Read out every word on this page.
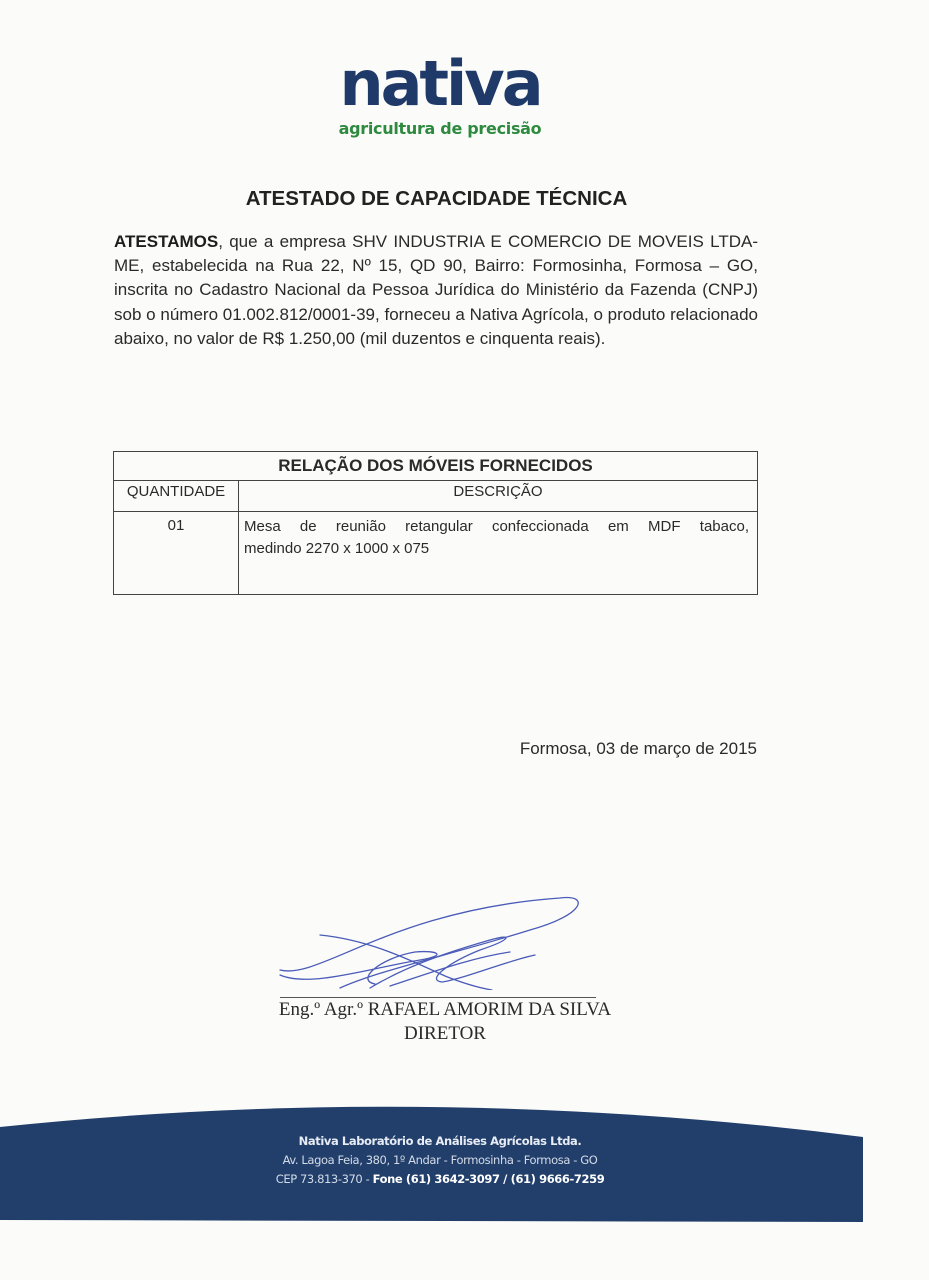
nativa
agricultura de precisão
ATESTADO DE CAPACIDADE TÉCNICA
ATESTAMOS, que a empresa SHV INDUSTRIA E COMERCIO DE MOVEIS LTDA-ME, estabelecida na Rua 22, Nº 15, QD 90, Bairro: Formosinha, Formosa – GO, inscrita no Cadastro Nacional da Pessoa Jurídica do Ministério da Fazenda (CNPJ) sob o número 01.002.812/0001-39, forneceu a Nativa Agrícola, o produto relacionado abaixo, no valor de R$ 1.250,00 (mil duzentos e cinquenta reais).
RELAÇÃO DOS MÓVEIS FORNECIDOS	
QUANTIDADE	DESCRIÇÃO
01	Mesa de reunião retangular confeccionada em MDF tabaco,
medindo 2270 x 1000 x 075
Formosa, 03 de março de 2015
Eng.º Agr.º RAFAEL AMORIM DA SILVA
DIRETOR
Nativa Laboratório de Análises Agrícolas Ltda.
Av. Lagoa Feia, 380, 1º Andar - Formosinha - Formosa - GO
CEP 73.813-370 - Fone (61) 3642-3097 / (61) 9666-7259
